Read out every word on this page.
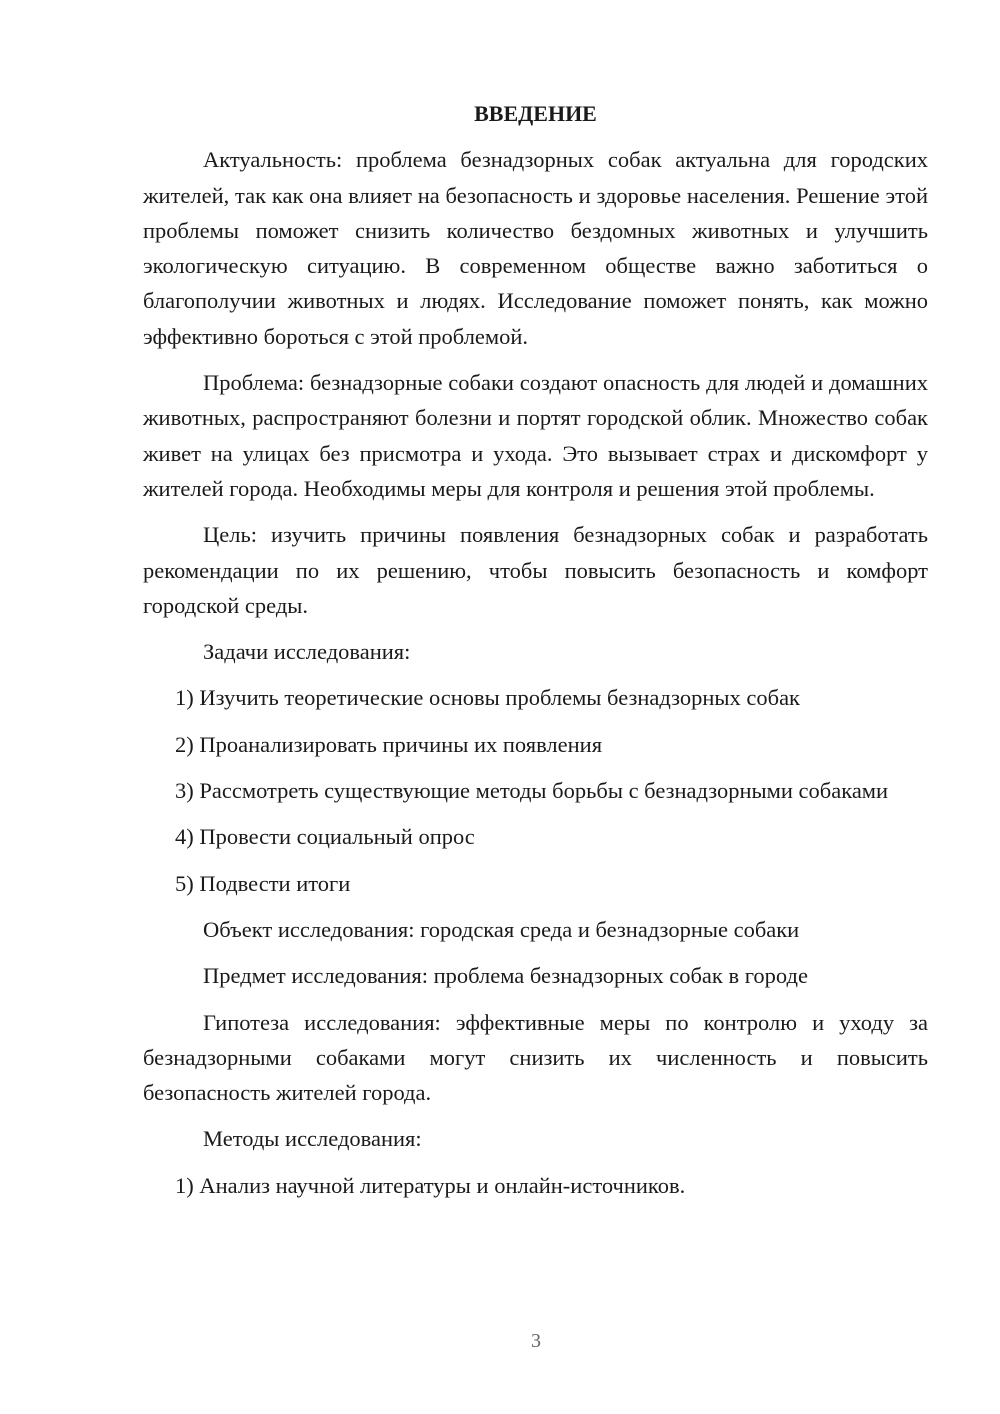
ВВЕДЕНИЕ

Актуальность: проблема безнадзорных собак актуальна для городских жителей, так как она влияет на безопасность и здоровье населения. Решение этой проблемы поможет снизить количество бездомных животных и улучшить экологическую ситуацию. В современном обществе важно заботиться о благополучии животных и людях. Исследование поможет понять, как можно эффективно бороться с этой проблемой.

Проблема: безнадзорные собаки создают опасность для людей и домашних животных, распространяют болезни и портят городской облик. Множество собак живет на улицах без присмотра и ухода. Это вызывает страх и дискомфорт у жителей города. Необходимы меры для контроля и решения этой проблемы.

Цель: изучить причины появления безнадзорных собак и разработать рекомендации по их решению, чтобы повысить безопасность и комфорт городской среды.

Задачи исследования:

1) Изучить теоретические основы проблемы безнадзорных собак
2) Проанализировать причины их появления
3) Рассмотреть существующие методы борьбы с безнадзорными собаками
4) Провести социальный опрос
5) Подвести итоги

Объект исследования: городская среда и безнадзорные собаки

Предмет исследования: проблема безнадзорных собак в городе

Гипотеза исследования: эффективные меры по контролю и уходу за безнадзорными собаками могут снизить их численность и повысить безопасность жителей города.

Методы исследования:

1) Анализ научной литературы и онлайн-источников.
3
